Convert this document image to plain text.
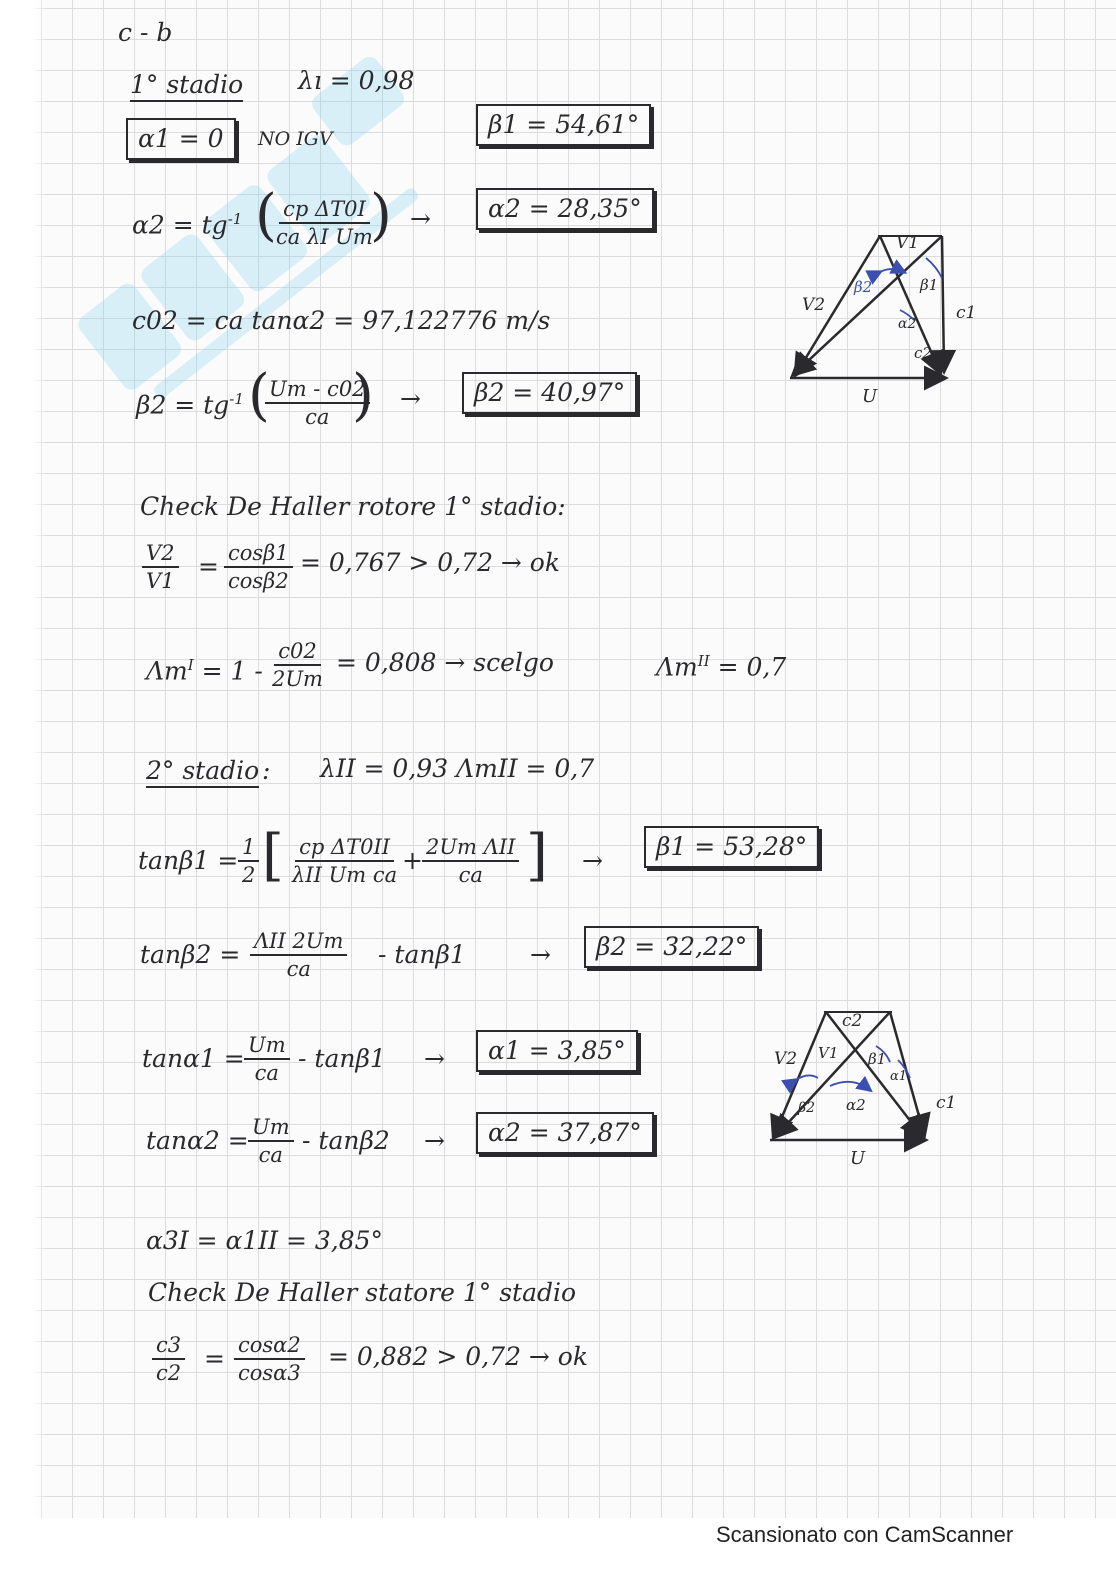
c - b
1° stadio λı = 0,98
α1 = 0	NO IGV	β1 = 54,61°
$\alpha 2 = tg^{-1}$ (
$\frac{\text{cp ΔT0I}}{\text{ca λI Um}}$
) →	α2 = 28,35°
c02 = ca tanα2 = 97,122776 m/s
$\beta 2 = tg^{-1}$ (
$\frac{Um - c02}{ca}$
) →	β2 = 40,97°
Check De Haller rotore 1° stadio:
$\frac{V2}{V1} = \frac{\cos\beta 1}{\cos\beta 2} = 0,767 > 0,72$ → ok
$\Lambda m^I = 1 - \frac{c02}{2Um} = 0,808 \to scelgo$	$\Lambda m^{II} = 0,7$
2° stadio : λII = 0,93 ΛmII = 0,7
$\tan\beta 1 = \frac{1}{2}$ [ cp ΔT0II
λII Um ca + 2Um ΛII
ca ] →	β1 = 53,28°
tanβ2 = ΛII 2Um
ca	- tanβ1	→	β2 = 32,22°
$\tan\alpha 1 = \frac{Um}{ca} - \tan\beta 1$ →	α1 = 3,85°
$\tan\alpha 2 = \frac{Um}{ca} - \tan\beta 2$ →	α2 = 37,87°
α3I = α1II = 3,85°
Check De Haller statore 1° stadio
$\frac{c3}{c2} = \frac{\cos\alpha 2}{\cos\alpha 3} = 0,882 > 0,72$ → ok
V1
V2
β2	β1
α2
c1
c2
U
c2
V2 V1 β1
β2 α2
α1
c1
U
Scansionato con CamScanner
